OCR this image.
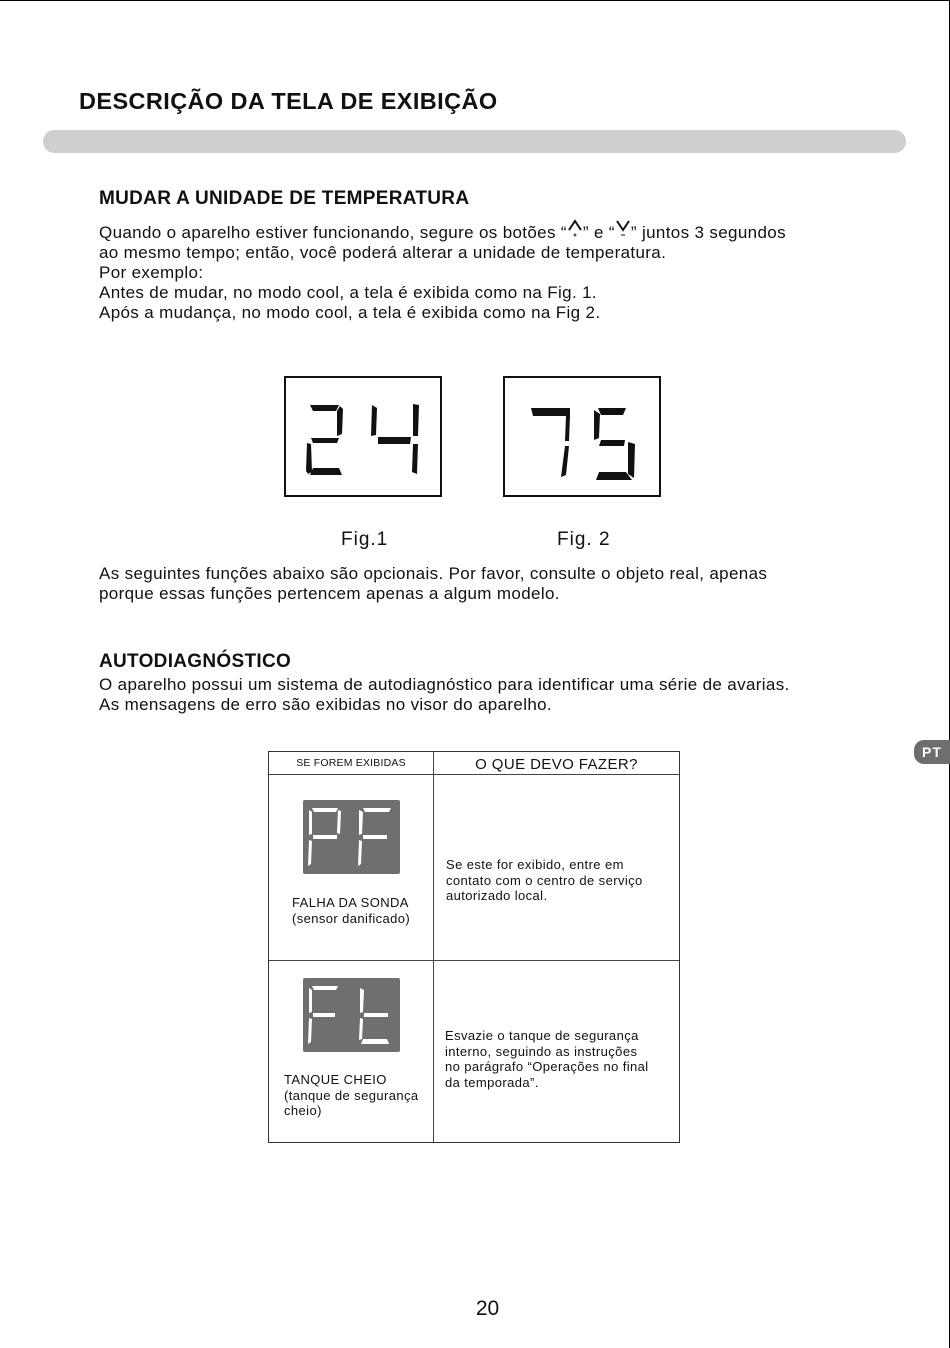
DESCRIÇÃO DA TELA DE EXIBIÇÃO
MUDAR A UNIDADE DE TEMPERATURA

Quando o aparelho estiver funcionando, segure os botões “ ” e “ ” juntos 3 segundos

ao mesmo tempo; então, você poderá alterar a unidade de temperatura.

Por exemplo:

Antes de mudar, no modo cool, a tela é exibida como na Fig. 1.

Após a mudança, no modo cool, a tela é exibida como na Fig 2.

Fig.1	Fig. 2

As seguintes funções abaixo são opcionais. Por favor, consulte o objeto real, apenas

porque essas funções pertencem apenas a algum modelo.

AUTODIAGNÓSTICO

O aparelho possui um sistema de autodiagnóstico para identificar uma série de avarias.

As mensagens de erro são exibidas no visor do aparelho.

SE FOREM EXIBIDAS	O QUE DEVO FAZER?

FALHA DA SONDA

(sensor danificado)

Se este for exibido, entre em

contato com o centro de serviço

autorizado local.

TANQUE CHEIO

(tanque de segurança

cheio)

Esvazie o tanque de segurança

interno, seguindo as instruções

no parágrafo “Operações no final

da temporada”.

PT

20
